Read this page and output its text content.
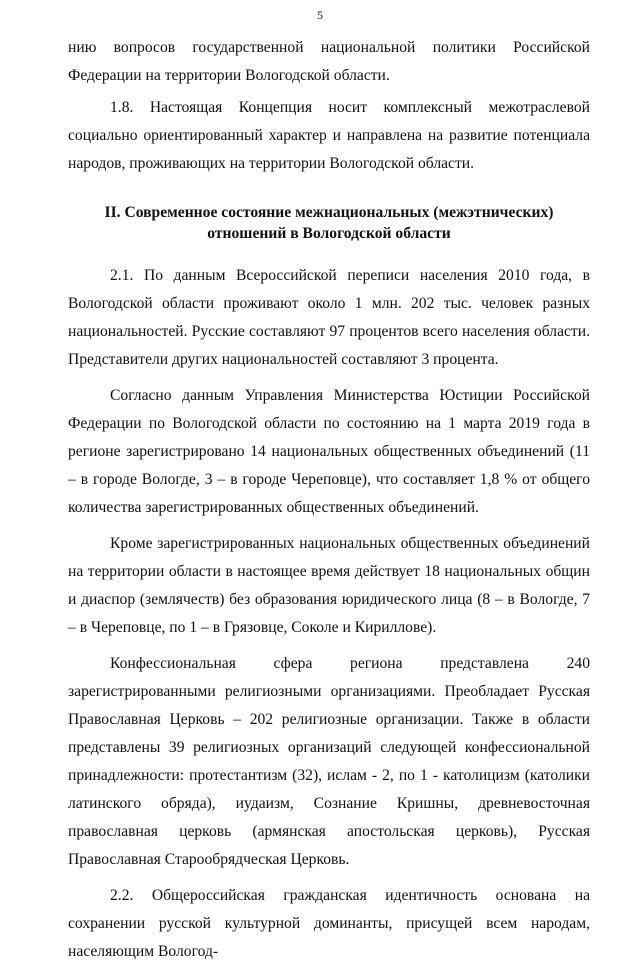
5

нию вопросов государственной национальной политики Российской Федерации на территории Вологодской области.

1.8. Настоящая Концепция носит комплексный межотраслевой социально ориентированный характер и направлена на развитие потенциала народов, проживающих на территории Вологодской области.

II. Современное состояние межнациональных (межэтнических) отношений в Вологодской области

2.1. По данным Всероссийской переписи населения 2010 года, в Вологодской области проживают около 1 млн. 202 тыс. человек разных национальностей. Русские составляют 97 процентов всего населения области. Представители других национальностей составляют 3 процента.

Согласно данным Управления Министерства Юстиции Российской Федерации по Вологодской области по состоянию на 1 марта 2019 года в регионе зарегистрировано 14 национальных общественных объединений (11 – в городе Вологде, 3 – в городе Череповце), что составляет 1,8 % от общего количества зарегистрированных общественных объединений.

Кроме зарегистрированных национальных общественных объединений на территории области в настоящее время действует 18 национальных общин и диаспор (землячеств) без образования юридического лица (8 – в Вологде, 7 – в Череповце, по 1 – в Грязовце, Соколе и Кириллове).

Конфессиональная сфера региона представлена 240 зарегистрированными религиозными организациями. Преобладает Русская Православная Церковь – 202 религиозные организации. Также в области представлены 39 религиозных организаций следующей конфессиональной принадлежности: протестантизм (32), ислам - 2, по 1 - католицизм (католики латинского обряда), иудаизм, Сознание Кришны, древневосточная православная церковь (армянская апостольская церковь), Русская Православная Старообрядческая Церковь.

2.2. Общероссийская гражданская идентичность основана на сохранении русской культурной доминанты, присущей всем народам, населяющим Вологод-
